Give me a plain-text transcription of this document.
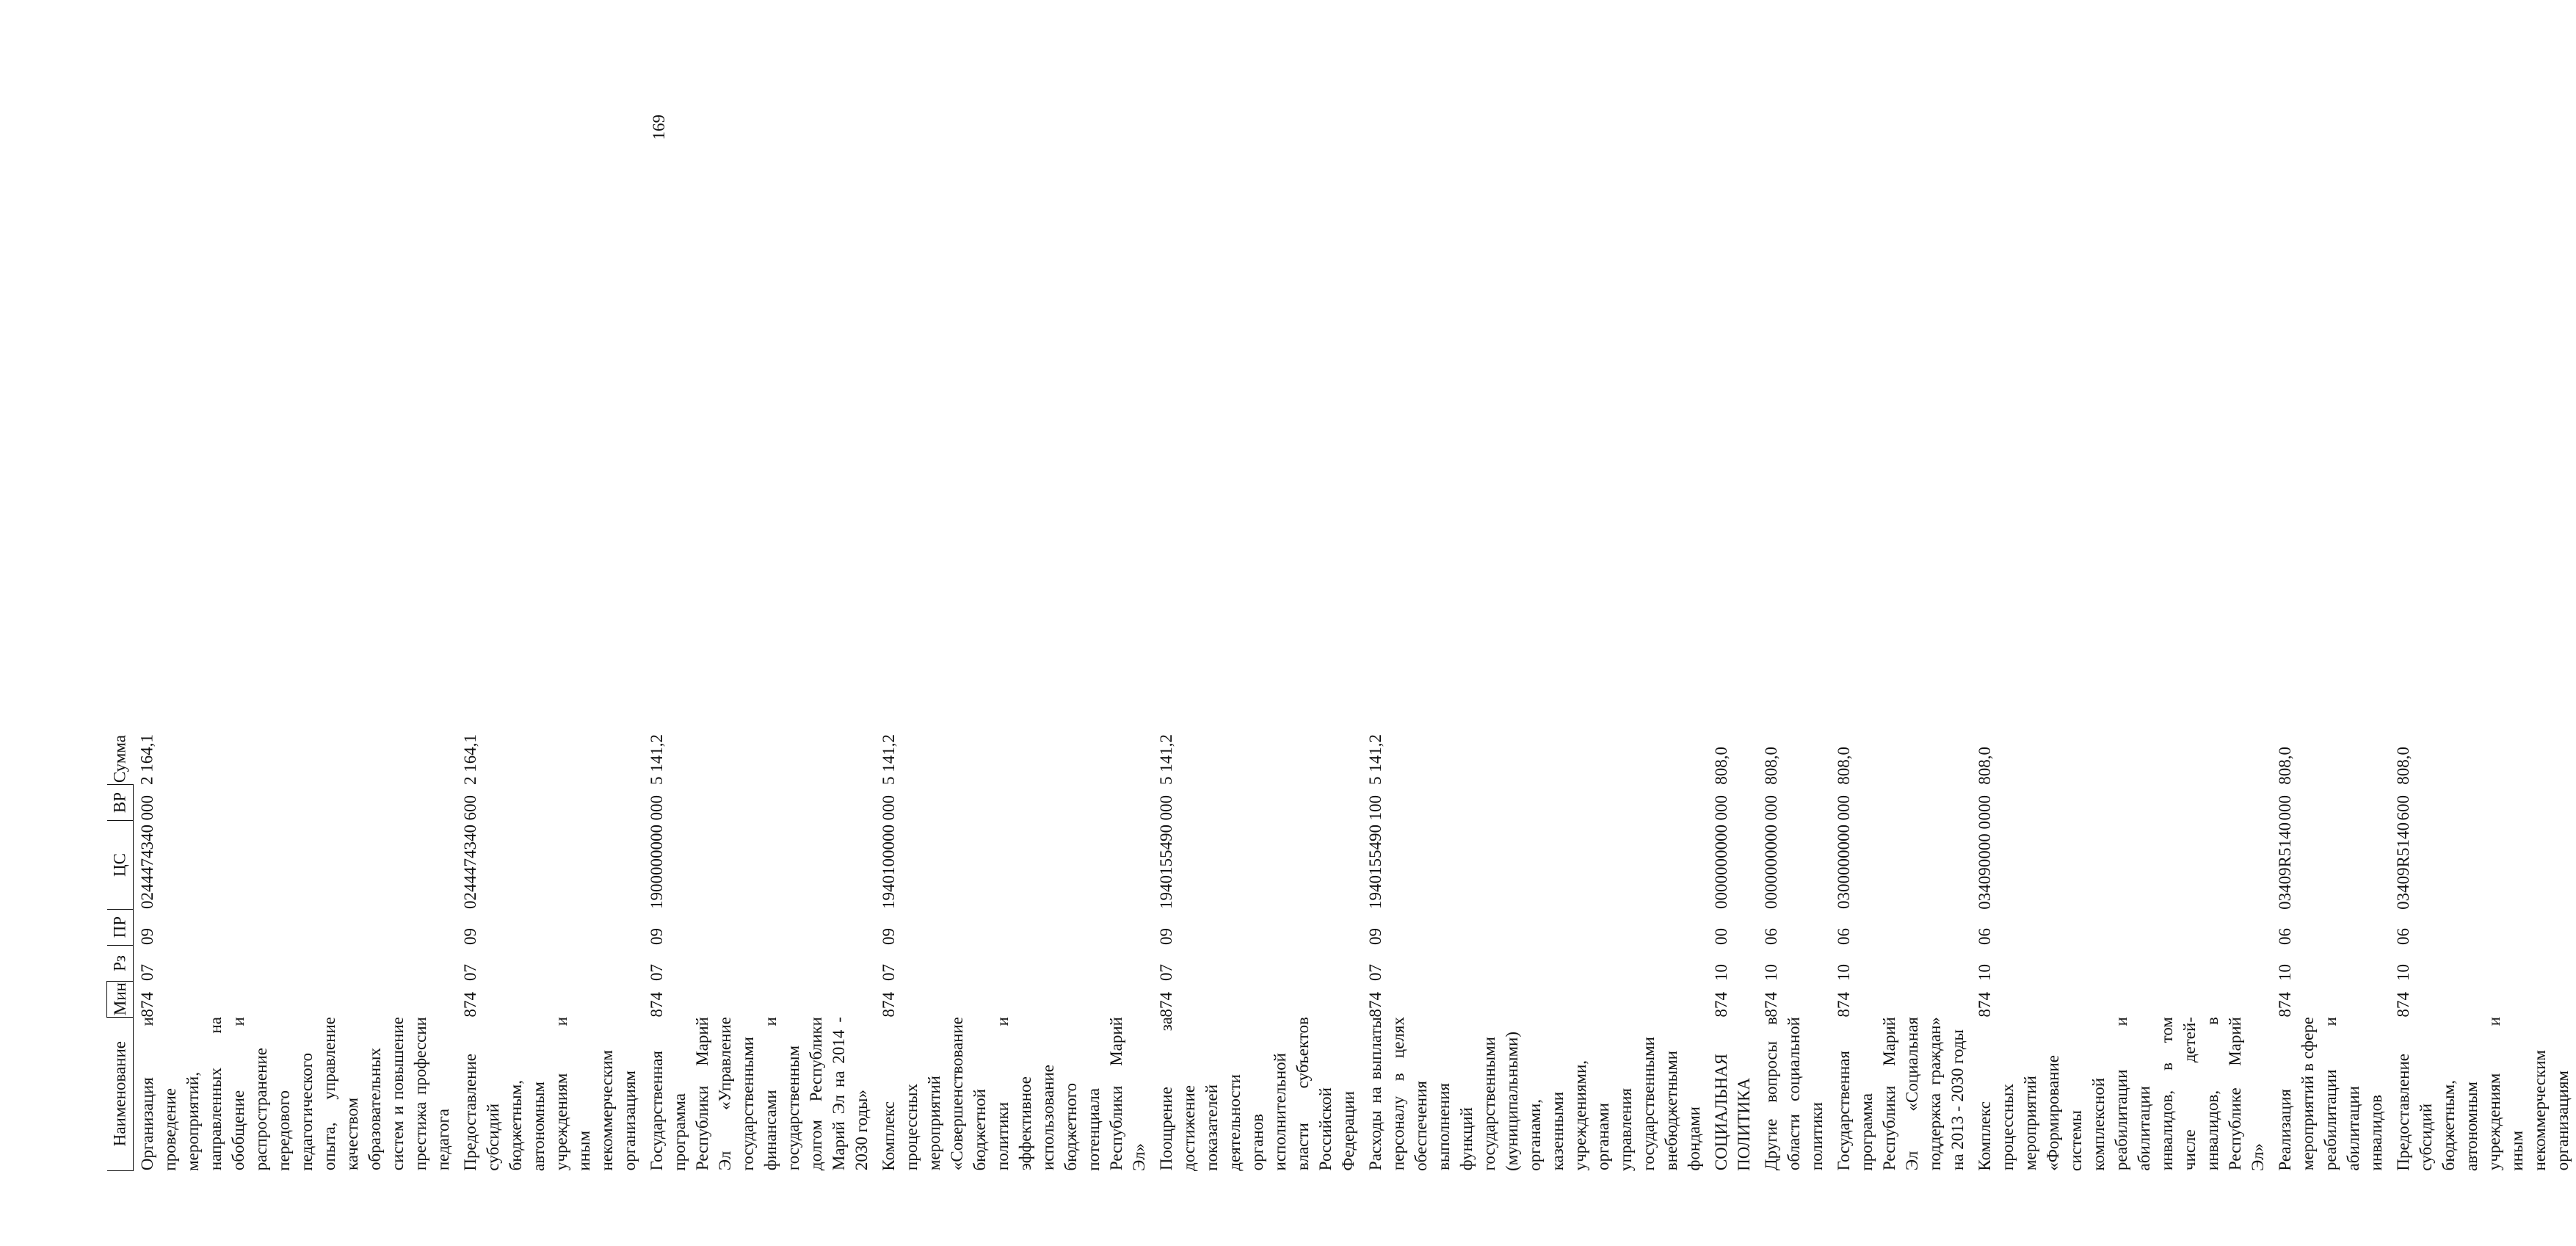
169
Наименование	Мин	Рз	ПР	ЦС	ВР	Сумма
Организация и проведение мероприятий, направленных на обобщение и распространение передового педагогического опыта, управление качеством образовательных систем и повышение престижа профессии педагога	874	07	09	0244474340	000	2 164,1
Предоставление субсидий бюджетным, автономным учреждениям и иным некоммерческим организациям	874	07	09	0244474340	600	2 164,1
Государственная программа Республики Марий Эл «Управление государственными финансами и государственным долгом Республики Марий Эл на 2014 - 2030 годы»	874	07	09	1900000000	000	5 141,2
Комплекс процессных мероприятий «Совершенствование бюджетной политики и эффективное использование бюджетного потенциала Республики Марий Эл»	874	07	09	1940100000	000	5 141,2
Поощрение за достижение показателей деятельности органов исполнительной власти субъектов Российской Федерации	874	07	09	1940155490	000	5 141,2
Расходы на выплаты персоналу в целях обеспечения выполнения функций государственными (муниципальными) органами, казенными учреждениями, органами управления государственными внебюджетными фондами	874	07	09	1940155490	100	5 141,2
СОЦИАЛЬНАЯ ПОЛИТИКА	874	10	00	0000000000	000	808,0
Другие вопросы в области социальной политики	874	10	06	0000000000	000	808,0
Государственная программа Республики Марий Эл «Социальная поддержка граждан» на 2013 - 2030 годы	874	10	06	0300000000	000	808,0
Комплекс процессных мероприятий «Формирование системы комплексной реабилитации и абилитации инвалидов, в том числе детей-инвалидов, в Республике Марий Эл»	874	10	06	034090000 0	000	808,0
Реализация мероприятий в сфере реабилитации и абилитации инвалидов	874	10	06	03409R5140	000	808,0
Предоставление субсидий бюджетным, автономным учреждениям и иным некоммерческим организациям	874	10	06	03409R5140	600	808,0
